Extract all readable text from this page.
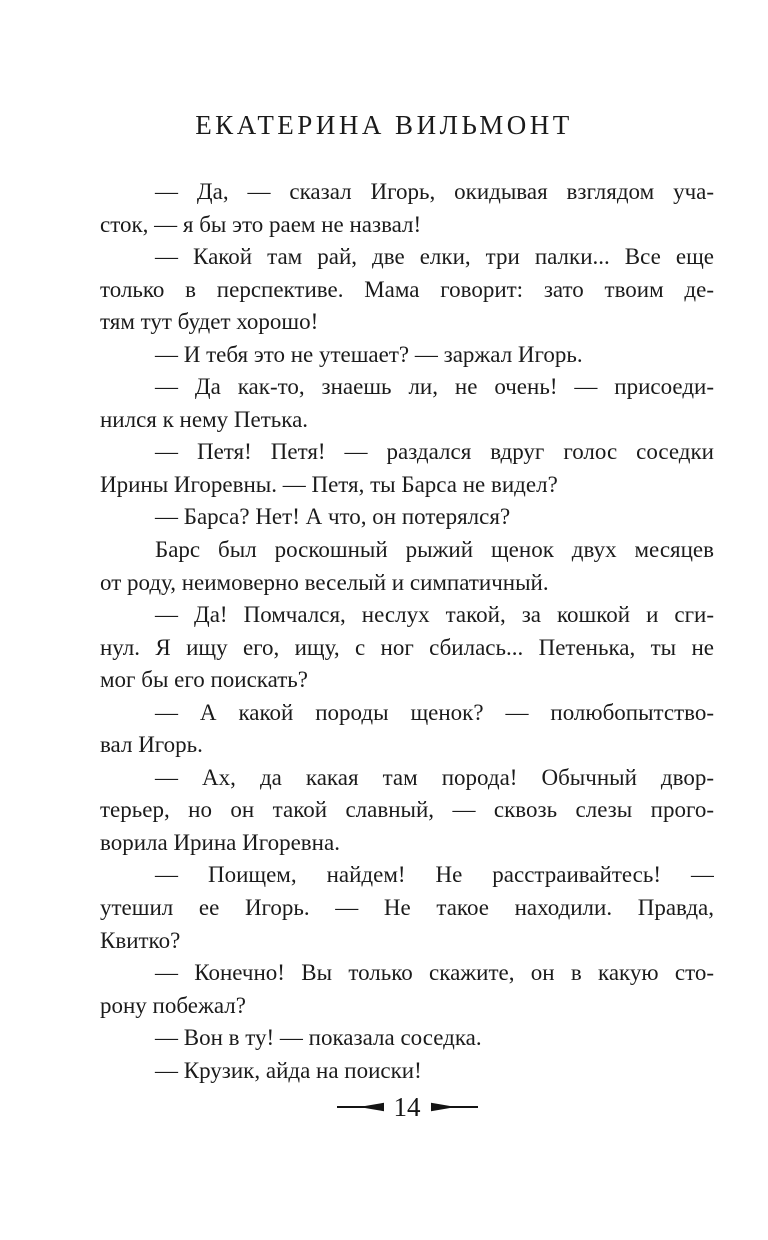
ЕКАТЕРИНА ВИЛЬМОНТ
— Да, — сказал Игорь, окидывая взглядом уча-
сток, — я бы это раем не назвал!
— Какой там рай, две елки, три палки... Все еще
только в перспективе. Мама говорит: зато твоим де-
тям тут будет хорошо!
— И тебя это не утешает? — заржал Игорь.
— Да как-то, знаешь ли, не очень! — присоеди-
нился к нему Петька.
— Петя! Петя! — раздался вдруг голос соседки
Ирины Игоревны. — Петя, ты Барса не видел?
— Барса? Нет! А что, он потерялся?
Барс был роскошный рыжий щенок двух месяцев
от роду, неимоверно веселый и симпатичный.
— Да! Помчался, неслух такой, за кошкой и сги-
нул. Я ищу его, ищу, с ног сбилась... Петенька, ты не
мог бы его поискать?
— А какой породы щенок? — полюбопытство-
вал Игорь.
— Ах, да какая там порода! Обычный двор-
терьер, но он такой славный, — сквозь слезы прого-
ворила Ирина Игоревна.
— Поищем, найдем! Не расстраивайтесь! —
утешил ее Игорь. — Не такое находили. Правда,
Квитко?
— Конечно! Вы только скажите, он в какую сто-
рону побежал?
— Вон в ту! — показала соседка.
— Крузик, айда на поиски!
14
